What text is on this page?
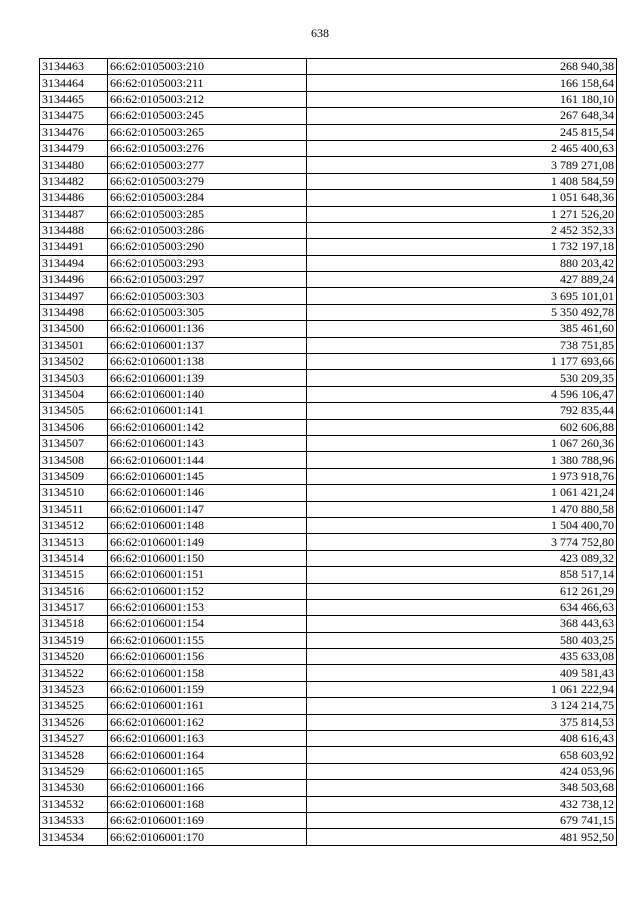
638
3134463	66:62:0105003:210	268 940,38
3134464	66:62:0105003:211	166 158,64
3134465	66:62:0105003:212	161 180,10
3134475	66:62:0105003:245	267 648,34
3134476	66:62:0105003:265	245 815,54
3134479	66:62:0105003:276	2 465 400,63
3134480	66:62:0105003:277	3 789 271,08
3134482	66:62:0105003:279	1 408 584,59
3134486	66:62:0105003:284	1 051 648,36
3134487	66:62:0105003:285	1 271 526,20
3134488	66:62:0105003:286	2 452 352,33
3134491	66:62:0105003:290	1 732 197,18
3134494	66:62:0105003:293	880 203,42
3134496	66:62:0105003:297	427 889,24
3134497	66:62:0105003:303	3 695 101,01
3134498	66:62:0105003:305	5 350 492,78
3134500	66:62:0106001:136	385 461,60
3134501	66:62:0106001:137	738 751,85
3134502	66:62:0106001:138	1 177 693,66
3134503	66:62:0106001:139	530 209,35
3134504	66:62:0106001:140	4 596 106,47
3134505	66:62:0106001:141	792 835,44
3134506	66:62:0106001:142	602 606,88
3134507	66:62:0106001:143	1 067 260,36
3134508	66:62:0106001:144	1 380 788,96
3134509	66:62:0106001:145	1 973 918,76
3134510	66:62:0106001:146	1 061 421,24
3134511	66:62:0106001:147	1 470 880,58
3134512	66:62:0106001:148	1 504 400,70
3134513	66:62:0106001:149	3 774 752,80
3134514	66:62:0106001:150	423 089,32
3134515	66:62:0106001:151	858 517,14
3134516	66:62:0106001:152	612 261,29
3134517	66:62:0106001:153	634 466,63
3134518	66:62:0106001:154	368 443,63
3134519	66:62:0106001:155	580 403,25
3134520	66:62:0106001:156	435 633,08
3134522	66:62:0106001:158	409 581,43
3134523	66:62:0106001:159	1 061 222,94
3134525	66:62:0106001:161	3 124 214,75
3134526	66:62:0106001:162	375 814,53
3134527	66:62:0106001:163	408 616,43
3134528	66:62:0106001:164	658 603,92
3134529	66:62:0106001:165	424 053,96
3134530	66:62:0106001:166	348 503,68
3134532	66:62:0106001:168	432 738,12
3134533	66:62:0106001:169	679 741,15
3134534	66:62:0106001:170	481 952,50
